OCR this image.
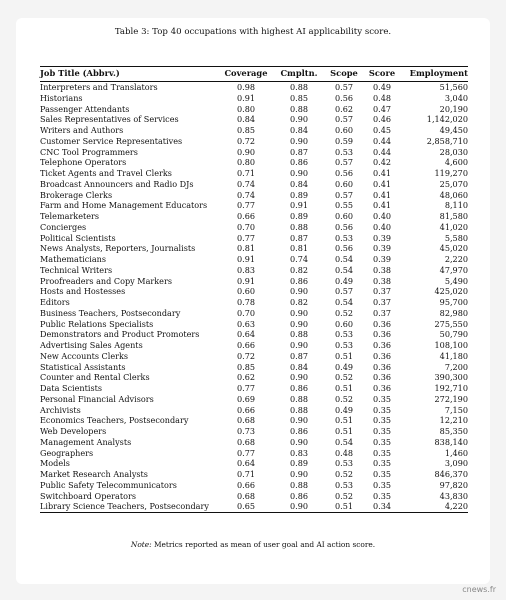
Table 3: Top 40 occupations with highest AI applicability score.
Job Title (Abbrv.)	Coverage	Cmpltn.	Scope	Score	Employment
Interpreters and Translators	0.98	0.88	0.57	0.49	51,560
Historians	0.91	0.85	0.56	0.48	3,040
Passenger Attendants	0.80	0.88	0.62	0.47	20,190
Sales Representatives of Services	0.84	0.90	0.57	0.46	1,142,020
Writers and Authors	0.85	0.84	0.60	0.45	49,450
Customer Service Representatives	0.72	0.90	0.59	0.44	2,858,710
CNC Tool Programmers	0.90	0.87	0.53	0.44	28,030
Telephone Operators	0.80	0.86	0.57	0.42	4,600
Ticket Agents and Travel Clerks	0.71	0.90	0.56	0.41	119,270
Broadcast Announcers and Radio DJs	0.74	0.84	0.60	0.41	25,070
Brokerage Clerks	0.74	0.89	0.57	0.41	48,060
Farm and Home Management Educators	0.77	0.91	0.55	0.41	8,110
Telemarketers	0.66	0.89	0.60	0.40	81,580
Concierges	0.70	0.88	0.56	0.40	41,020
Political Scientists	0.77	0.87	0.53	0.39	5,580
News Analysts, Reporters, Journalists	0.81	0.81	0.56	0.39	45,020
Mathematicians	0.91	0.74	0.54	0.39	2,220
Technical Writers	0.83	0.82	0.54	0.38	47,970
Proofreaders and Copy Markers	0.91	0.86	0.49	0.38	5,490
Hosts and Hostesses	0.60	0.90	0.57	0.37	425,020
Editors	0.78	0.82	0.54	0.37	95,700
Business Teachers, Postsecondary	0.70	0.90	0.52	0.37	82,980
Public Relations Specialists	0.63	0.90	0.60	0.36	275,550
Demonstrators and Product Promoters	0.64	0.88	0.53	0.36	50,790
Advertising Sales Agents	0.66	0.90	0.53	0.36	108,100
New Accounts Clerks	0.72	0.87	0.51	0.36	41,180
Statistical Assistants	0.85	0.84	0.49	0.36	7,200
Counter and Rental Clerks	0.62	0.90	0.52	0.36	390,300
Data Scientists	0.77	0.86	0.51	0.36	192,710
Personal Financial Advisors	0.69	0.88	0.52	0.35	272,190
Archivists	0.66	0.88	0.49	0.35	7,150
Economics Teachers, Postsecondary	0.68	0.90	0.51	0.35	12,210
Web Developers	0.73	0.86	0.51	0.35	85,350
Management Analysts	0.68	0.90	0.54	0.35	838,140
Geographers	0.77	0.83	0.48	0.35	1,460
Models	0.64	0.89	0.53	0.35	3,090
Market Research Analysts	0.71	0.90	0.52	0.35	846,370
Public Safety Telecommunicators	0.66	0.88	0.53	0.35	97,820
Switchboard Operators	0.68	0.86	0.52	0.35	43,830
Library Science Teachers, Postsecondary	0.65	0.90	0.51	0.34	4,220
Note: Metrics reported as mean of user goal and AI action score.
cnews.fr
